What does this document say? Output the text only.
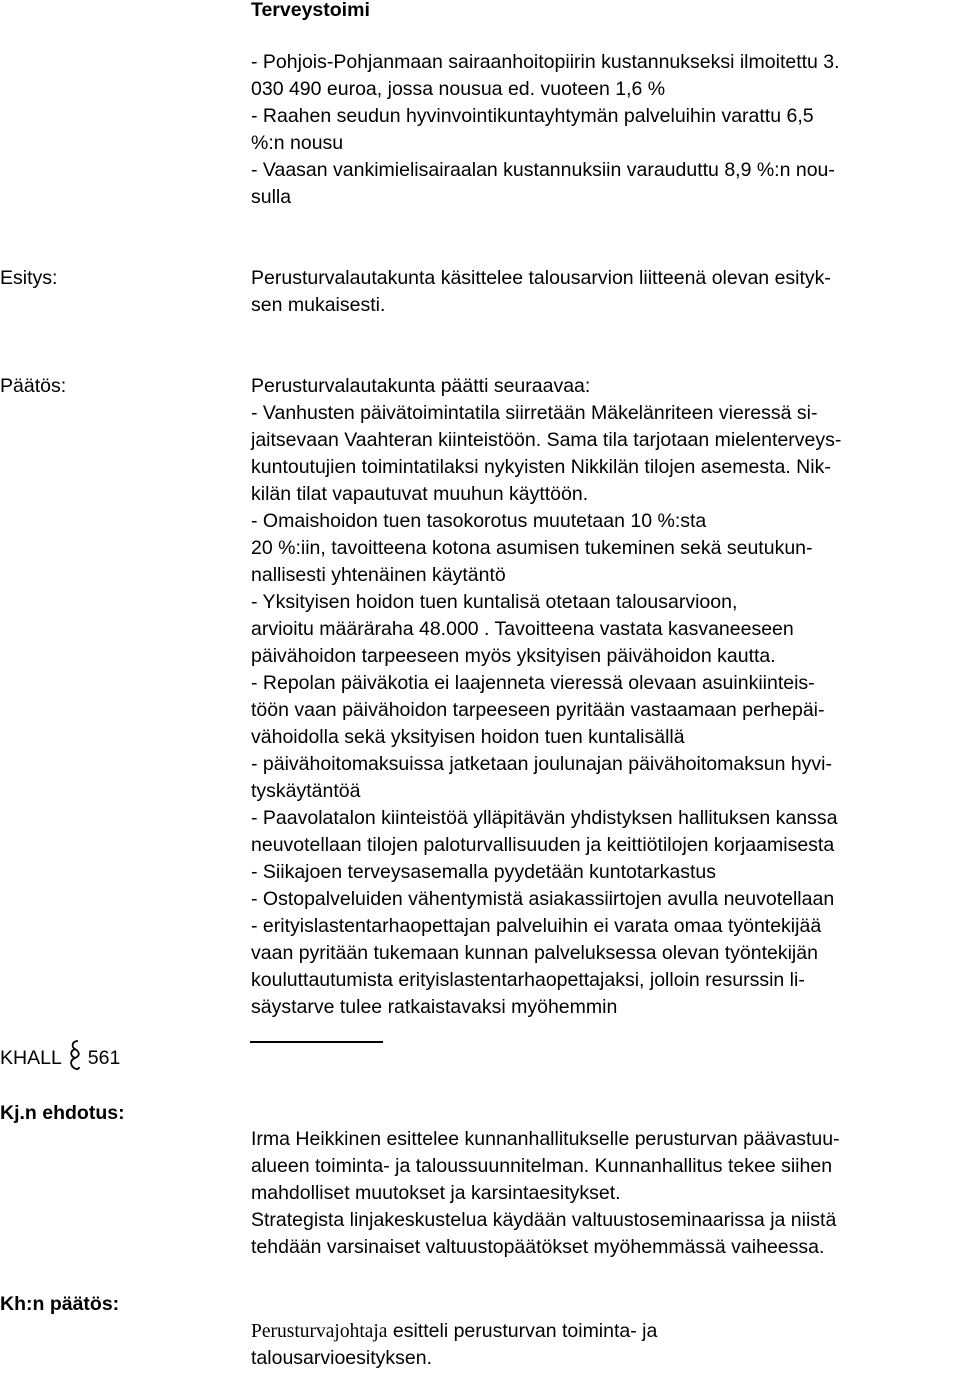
Terveystoimi
- Pohjois-Pohjanmaan sairaanhoitopiirin kustannukseksi ilmoitettu 3.
030 490 euroa, jossa nousua ed. vuoteen 1,6 %
- Raahen seudun hyvinvointikuntayhtymän palveluihin varattu 6,5
%:n nousu
- Vaasan vankimielisairaalan kustannuksiin varauduttu 8,9 %:n nou-
sulla
Esitys:	Perusturvalautakunta käsittelee talousarvion liitteenä olevan esityk-
sen mukaisesti.
Päätös:	Perusturvalautakunta päätti seuraavaa:
- Vanhusten päivätoimintatila siirretään Mäkelänriteen vieressä si-
jaitsevaan Vaahteran kiinteistöön. Sama tila tarjotaan mielenterveys-
kuntoutujien toimintatilaksi nykyisten Nikkilän tilojen asemesta. Nik-
kilän tilat vapautuvat muuhun käyttöön.
- Omaishoidon tuen tasokorotus muutetaan 10 %:sta
20 %:iin, tavoitteena kotona asumisen tukeminen sekä seutukun-
nallisesti yhtenäinen käytäntö
- Yksityisen hoidon tuen kuntalisä otetaan talousarvioon,
arvioitu määräraha 48.000 . Tavoitteena vastata kasvaneeseen
päivähoidon tarpeeseen myös yksityisen päivähoidon kautta.
- Repolan päiväkotia ei laajenneta vieressä olevaan asuinkiinteis-
töön vaan päivähoidon tarpeeseen pyritään vastaamaan perhepäi-
vähoidolla sekä yksityisen hoidon tuen kuntalisällä
- päivähoitomaksuissa jatketaan joulunajan päivähoitomaksun hyvi-
tyskäytäntöä
- Paavolatalon kiinteistöä ylläpitävän yhdistyksen hallituksen kanssa
neuvotellaan tilojen paloturvallisuuden ja keittiötilojen korjaamisesta
- Siikajoen terveysasemalla pyydetään kuntotarkastus
- Ostopalveluiden vähentymistä asiakassiirtojen avulla neuvotellaan
- erityislastentarhaopettajan palveluihin ei varata omaa työntekijää
vaan pyritään tukemaan kunnan palveluksessa olevan työntekijän
kouluttautumista erityislastentarhaopettajaksi, jolloin resurssin li-
säystarve tulee ratkaistavaksi myöhemmin
KHALL 561
Kj.n ehdotus:
Irma Heikkinen esittelee kunnanhallitukselle perusturvan päävastuu-
alueen toiminta- ja taloussuunnitelman. Kunnanhallitus tekee siihen
mahdolliset muutokset ja karsintaesitykset.
Strategista linjakeskustelua käydään valtuustoseminaarissa ja niistä
tehdään varsinaiset valtuustopäätökset myöhemmässä vaiheessa.
Kh:n päätös:
Perusturvajohtaja esitteli perusturvan toiminta- ja
talousarvioesityksen.
